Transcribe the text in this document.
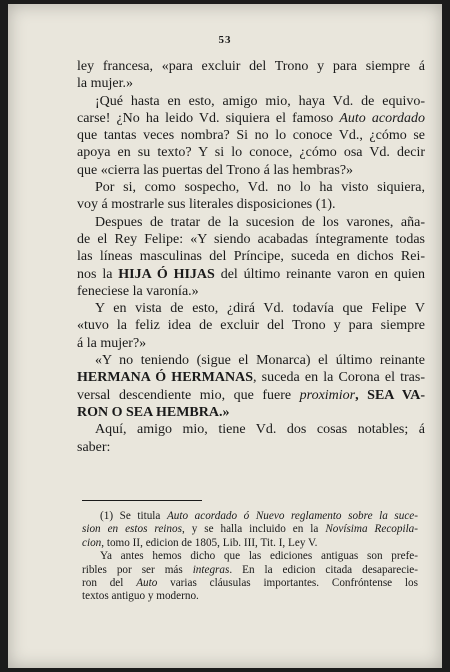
53
ley francesa, «para excluir del Trono y para siempre á
la mujer.»
¡Qué hasta en esto, amigo mio, haya Vd. de equivo-
carse! ¿No ha leido Vd. siquiera el famoso Auto acordado
que tantas veces nombra? Si no lo conoce Vd., ¿cómo se
apoya en su texto? Y si lo conoce, ¿cómo osa Vd. decir
que «cierra las puertas del Trono á las hembras?»
Por si, como sospecho, Vd. no lo ha visto siquiera,
voy á mostrarle sus literales disposiciones (1).
Despues de tratar de la sucesion de los varones, aña-
de el Rey Felipe: «Y siendo acabadas íntegramente todas
las líneas masculinas del Príncipe, suceda en dichos Rei-
nos la HIJA Ó HIJAS del último reinante varon en quien
feneciese la varonía.»
Y en vista de esto, ¿dirá Vd. todavía que Felipe V
«tuvo la feliz idea de excluir del Trono y para siempre
á la mujer?»
«Y no teniendo (sigue el Monarca) el último reinante
HERMANA Ó HERMANAS, suceda en la Corona el tras-
versal descendiente mio, que fuere proximior, SEA VA-
RON O SEA HEMBRA.»
Aquí, amigo mio, tiene Vd. dos cosas notables; á
saber:
(1) Se titula Auto acordado ó Nuevo reglamento sobre la suce-
sion en estos reinos, y se halla incluido en la Novísima Recopila-
cion, tomo II, edicion de 1805, Lib. III, Tit. I, Ley V.
Ya antes hemos dicho que las ediciones antiguas son prefe-
ribles por ser más integras. En la edicion citada desaparecie-
ron del Auto varias cláusulas importantes. Confróntense los
textos antiguo y moderno.
